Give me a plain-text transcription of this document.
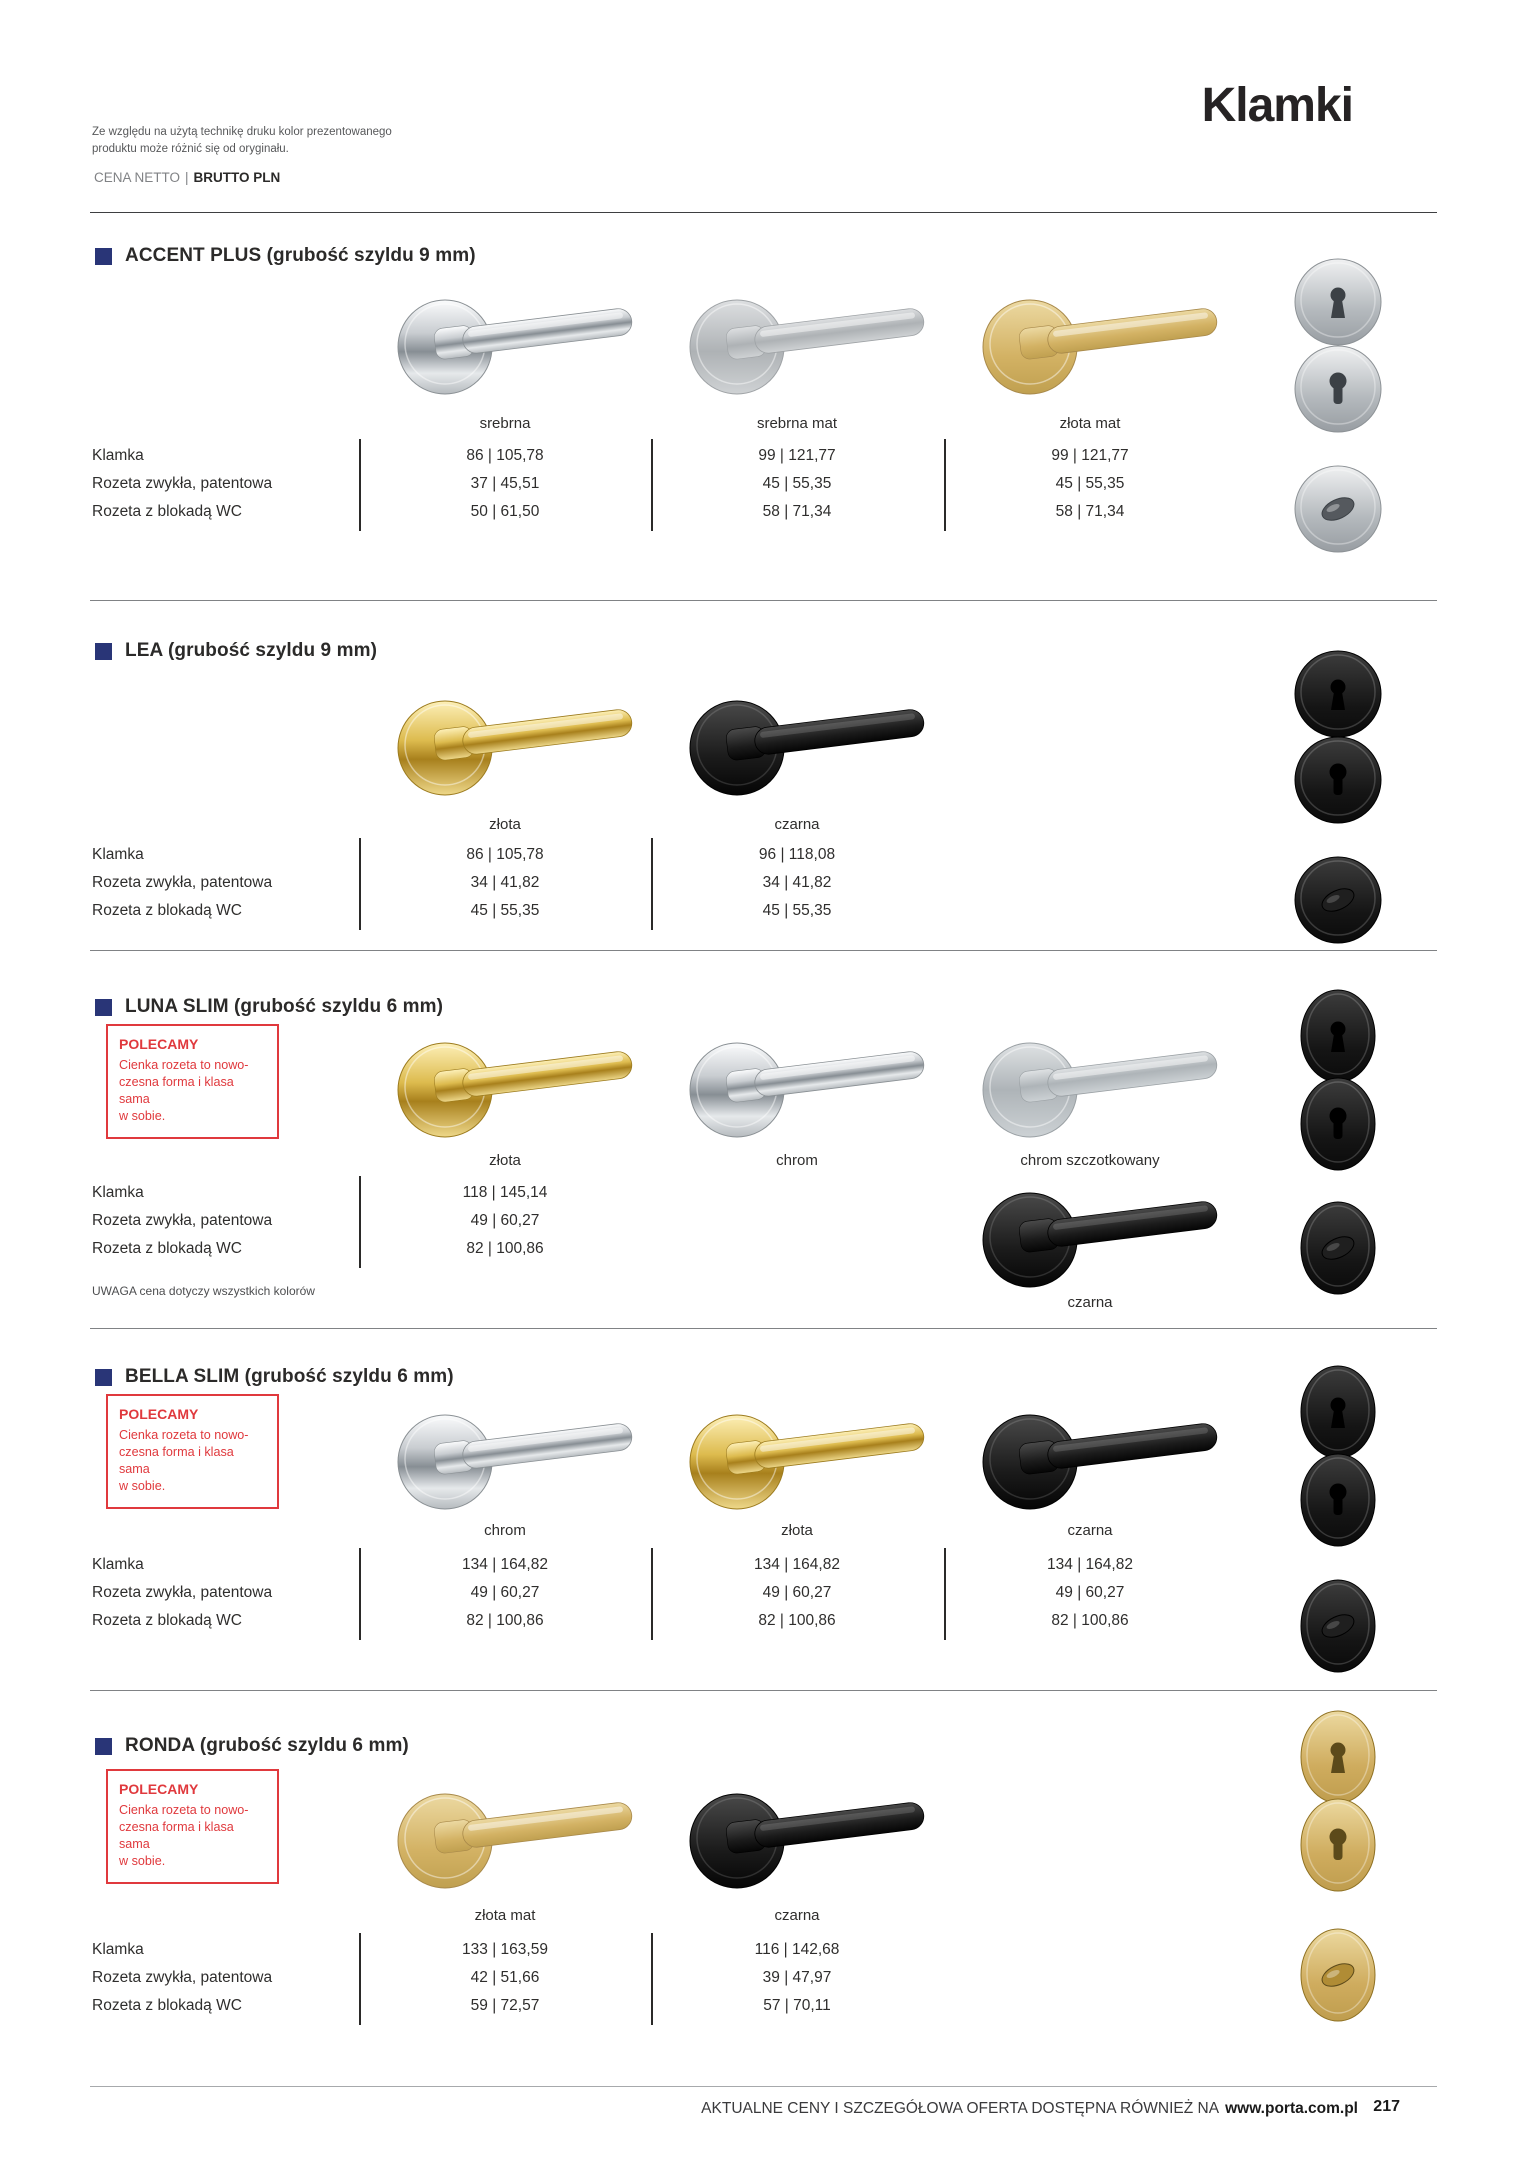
Ze względu na użytą technikę druku kolor prezentowanego
produktu może różnić się od oryginału.
CENA NETTO | BRUTTO PLN
Klamki
ACCENT PLUS (grubość szyldu 9 mm)
srebrna	srebrna mat	złota mat
Klamka	86 | 105,78	99 | 121,77	99 | 121,77
Rozeta zwykła, patentowa	37 | 45,51	45 | 55,35	45 | 55,35
Rozeta z blokadą WC	50 | 61,50	58 | 71,34	58 | 71,34
LEA (grubość szyldu 9 mm)
złota	czarna
Klamka	86 | 105,78	96 | 118,08
Rozeta zwykła, patentowa	34 | 41,82	34 | 41,82
Rozeta z blokadą WC	45 | 55,35	45 | 55,35
LUNA SLIM (grubość szyldu 6 mm)
POLECAMY
Cienka rozeta to nowo-
czesna forma i klasa sama
w sobie.
złota	chrom	chrom szczotkowany
czarna
Klamka	118 | 145,14
Rozeta zwykła, patentowa	49 | 60,27
Rozeta z blokadą WC	82 | 100,86
UWAGA cena dotyczy wszystkich kolorów
BELLA SLIM (grubość szyldu 6 mm)
POLECAMY
Cienka rozeta to nowo-
czesna forma i klasa sama
w sobie.
chrom	złota	czarna
Klamka	134 | 164,82	134 | 164,82	134 | 164,82
Rozeta zwykła, patentowa	49 | 60,27	49 | 60,27	49 | 60,27
Rozeta z blokadą WC	82 | 100,86	82 | 100,86	82 | 100,86
RONDA (grubość szyldu 6 mm)
POLECAMY
Cienka rozeta to nowo-
czesna forma i klasa sama
w sobie.
złota mat	czarna
Klamka	133 | 163,59	116 | 142,68
Rozeta zwykła, patentowa	42 | 51,66	39 | 47,97
Rozeta z blokadą WC	59 | 72,57	57 | 70,11
AKTUALNE CENY I SZCZEGÓŁOWA OFERTA DOSTĘPNA RÓWNIEŻ NA www.porta.com.pl 217
